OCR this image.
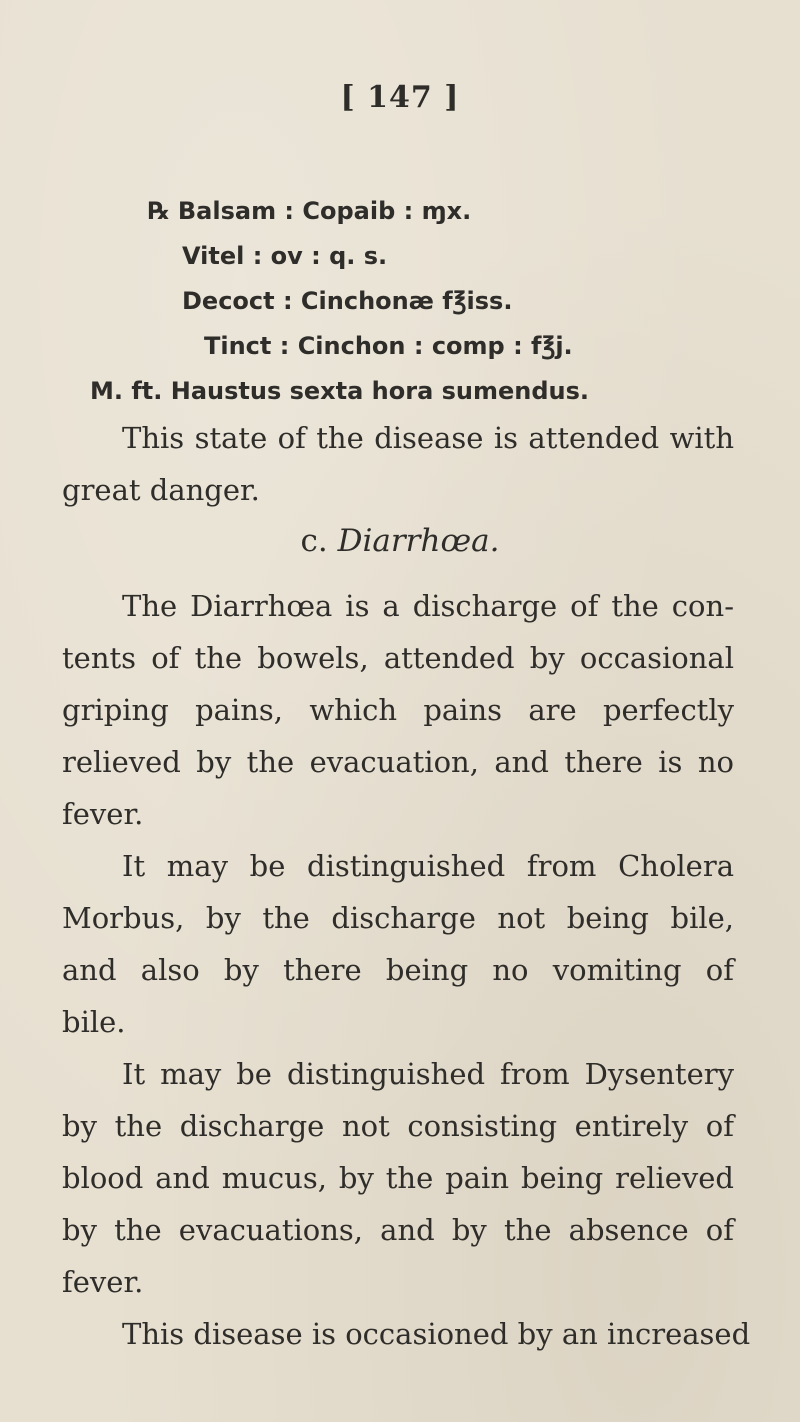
[ 147 ]
℞ Balsam : Copaib : ɱx.
Vitel : ov : q. s.
Decoct : Cinchonæ f℥iss.
Tinct : Cinchon : comp : f℥j.
M. ft. Haustus sexta hora sumendus.
This state of the disease is attended with
great danger.
c. Diarrhœa.
The Diarrhœa is a discharge of the con-
tents of the bowels, attended by occasional
griping pains, which pains are perfectly
relieved by the evacuation, and there is no
fever.
It may be distinguished from Cholera
Morbus, by the discharge not being bile,
and also by there being no vomiting of
bile.
It may be distinguished from Dysentery
by the discharge not consisting entirely of
blood and mucus, by the pain being relieved
by the evacuations, and by the absence of
fever.
This disease is occasioned by an increased
